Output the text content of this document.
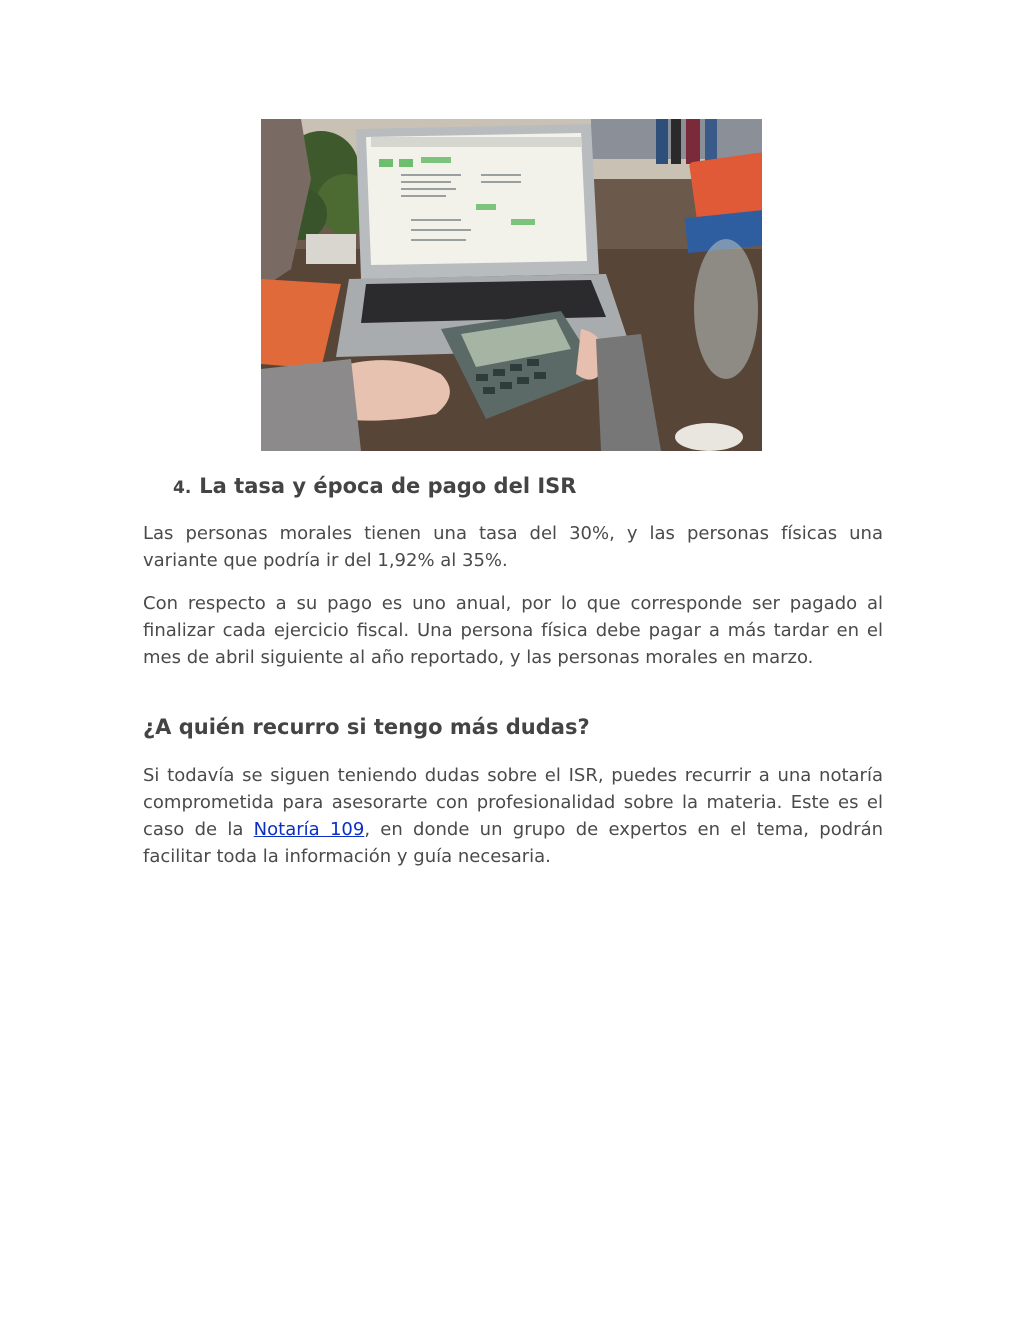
4. La tasa y época de pago del ISR

Las personas morales tienen una tasa del 30%, y las personas físicas una variante que podría ir del 1,92% al 35%.

Con respecto a su pago es uno anual, por lo que corresponde ser pagado al finalizar cada ejercicio fiscal. Una persona física debe pagar a más tardar en el mes de abril siguiente al año reportado, y las personas morales en marzo.

¿A quién recurro si tengo más dudas?

Si todavía se siguen teniendo dudas sobre el ISR, puedes recurrir a una notaría comprometida para asesorarte con profesionalidad sobre la materia. Este es el caso de la Notaría 109, en donde un grupo de expertos en el tema, podrán facilitar toda la información y guía necesaria.
